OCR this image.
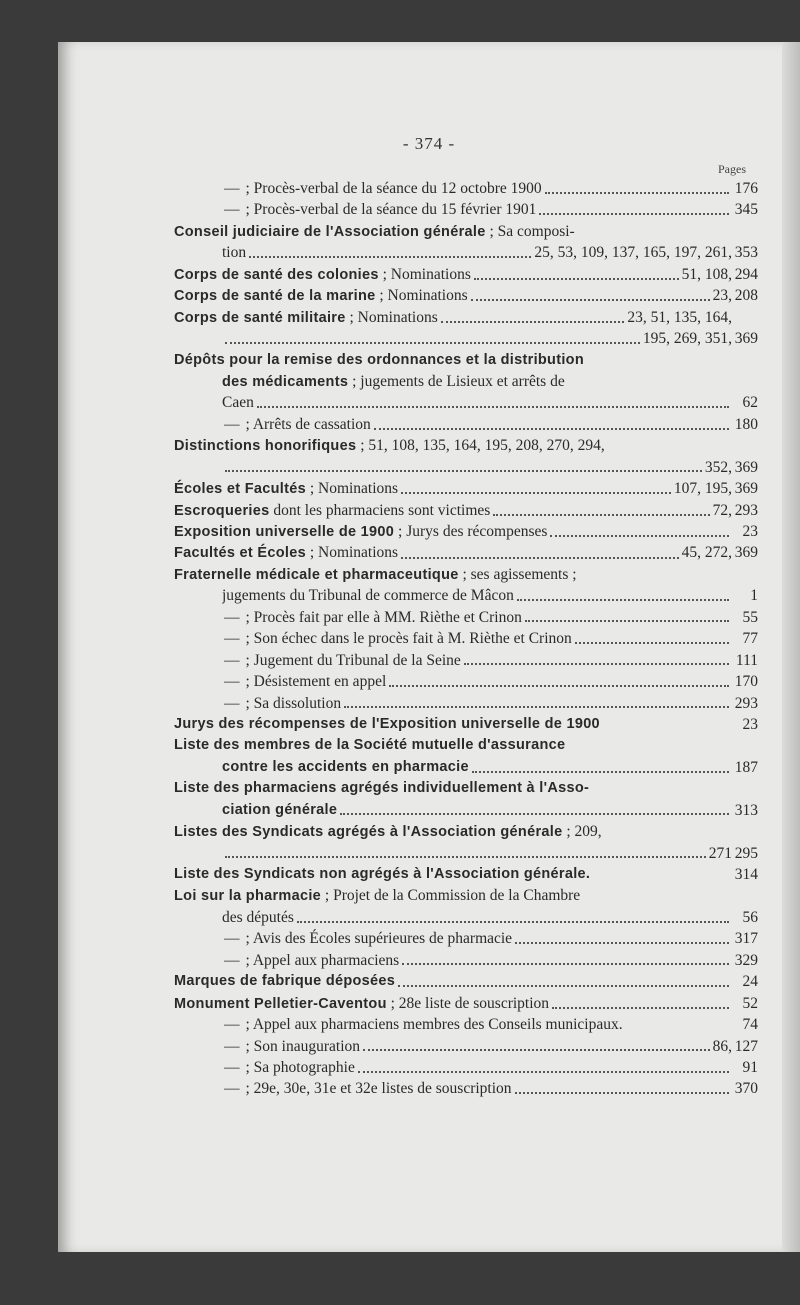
- 374 -
Pages
— ; Procès-verbal de la séance du 12 octobre 1900	176
— ; Procès-verbal de la séance du 15 février 1901	345
Conseil judiciaire de l'Association générale ; Sa composi-
tion	25, 53, 109, 137, 165, 197, 261, 353
Corps de santé des colonies ; Nominations	51, 108, 294
Corps de santé de la marine ; Nominations	23, 208
Corps de santé militaire ; Nominations	23, 51, 135, 164,
195, 269, 351, 369
Dépôts pour la remise des ordonnances et la distribution
des médicaments ; jugements de Lisieux et arrêts de
Caen	62
— ; Arrêts de cassation	180
Distinctions honorifiques ; 51, 108, 135, 164, 195, 208, 270, 294,
352, 369
Écoles et Facultés ; Nominations	107, 195, 369
Escroqueries dont les pharmaciens sont victimes	72, 293
Exposition universelle de 1900 ; Jurys des récompenses	23
Facultés et Écoles ; Nominations	45, 272, 369
Fraternelle médicale et pharmaceutique ; ses agissements ;
jugements du Tribunal de commerce de Mâcon	1
— ; Procès fait par elle à MM. Rièthe et Crinon	55
— ; Son échec dans le procès fait à M. Rièthe et Crinon	77
— ; Jugement du Tribunal de la Seine	111
— ; Désistement en appel	170
— ; Sa dissolution	293
Jurys des récompenses de l'Exposition universelle de 1900	23
Liste des membres de la Société mutuelle d'assurance
contre les accidents en pharmacie	187
Liste des pharmaciens agrégés individuellement à l'Asso-
ciation générale	313
Listes des Syndicats agrégés à l'Association générale ; 209,
271 295
Liste des Syndicats non agrégés à l'Association générale.	314
Loi sur la pharmacie ; Projet de la Commission de la Chambre
des députés	56
— ; Avis des Écoles supérieures de pharmacie	317
— ; Appel aux pharmaciens	329
Marques de fabrique déposées	24
Monument Pelletier-Caventou ; 28e liste de souscription	52
— ; Appel aux pharmaciens membres des Conseils municipaux.	74
— ; Son inauguration	86, 127
— ; Sa photographie	91
— ; 29e, 30e, 31e et 32e listes de souscription	370
